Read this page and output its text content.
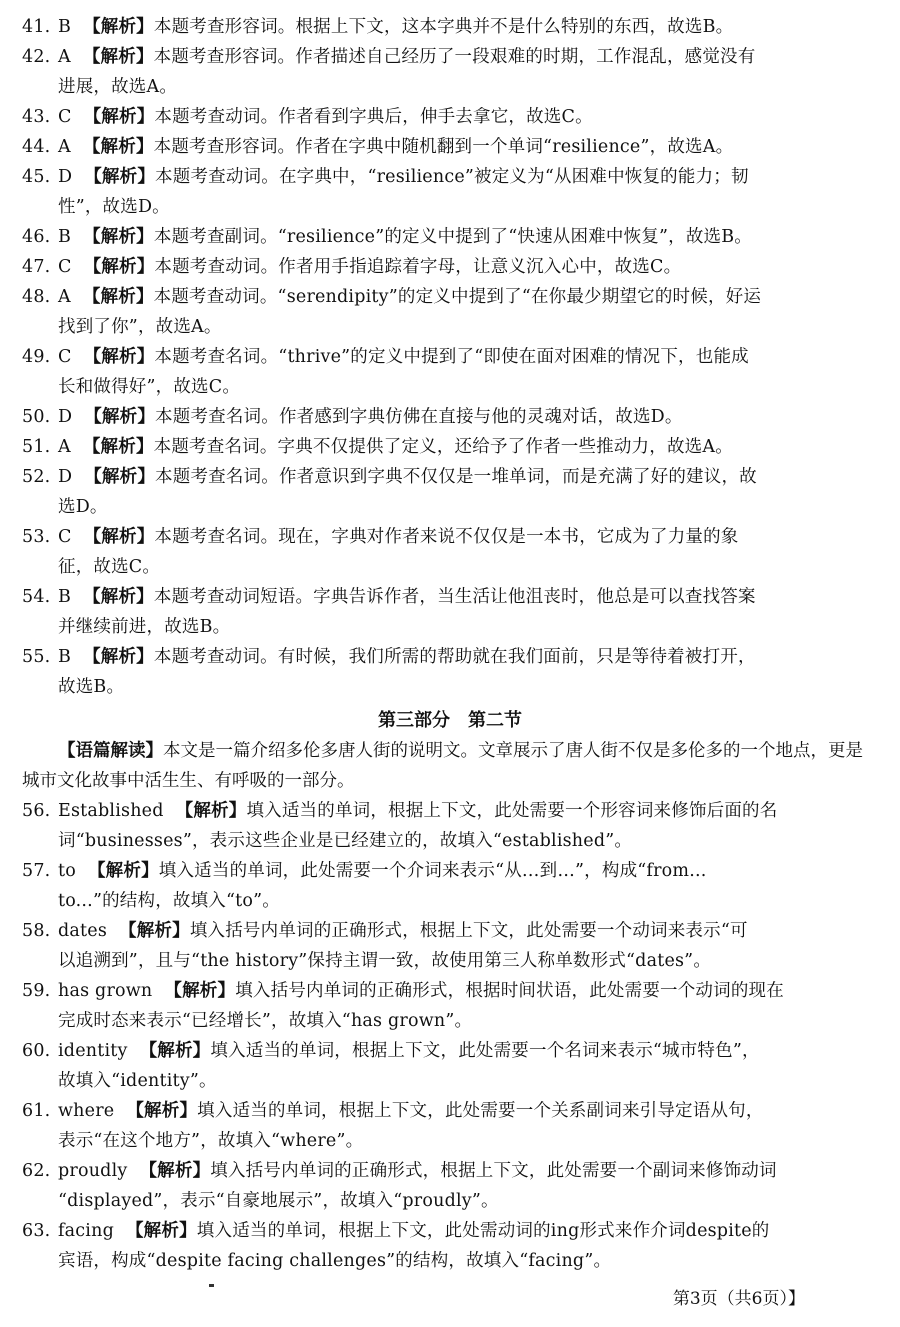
41. B 【解析】本题考查形容词。根据上下文，这本字典并不是什么特别的东西，故选B。
42. A 【解析】本题考查形容词。作者描述自己经历了一段艰难的时期，工作混乱，感觉没有
进展，故选A。
43. C 【解析】本题考查动词。作者看到字典后，伸手去拿它，故选C。
44. A 【解析】本题考查形容词。作者在字典中随机翻到一个单词“resilience”，故选A。
45. D 【解析】本题考查动词。在字典中，“resilience”被定义为“从困难中恢复的能力；韧
性”，故选D。
46. B 【解析】本题考查副词。“resilience”的定义中提到了“快速从困难中恢复”，故选B。
47. C 【解析】本题考查动词。作者用手指追踪着字母，让意义沉入心中，故选C。
48. A 【解析】本题考查动词。“serendipity”的定义中提到了“在你最少期望它的时候，好运
找到了你”，故选A。
49. C 【解析】本题考查名词。“thrive”的定义中提到了“即使在面对困难的情况下，也能成
长和做得好”，故选C。
50. D 【解析】本题考查名词。作者感到字典仿佛在直接与他的灵魂对话，故选D。
51. A 【解析】本题考查名词。字典不仅提供了定义，还给予了作者一些推动力，故选A。
52. D 【解析】本题考查名词。作者意识到字典不仅仅是一堆单词，而是充满了好的建议，故
选D。
53. C 【解析】本题考查名词。现在，字典对作者来说不仅仅是一本书，它成为了力量的象
征，故选C。
54. B 【解析】本题考查动词短语。字典告诉作者，当生活让他沮丧时，他总是可以查找答案
并继续前进，故选B。
55. B 【解析】本题考查动词。有时候，我们所需的帮助就在我们面前，只是等待着被打开，
故选B。
第三部分　第二节
【语篇解读】本文是一篇介绍多伦多唐人街的说明文。文章展示了唐人街不仅是多伦多的一个地点，更是城市文化故事中活生生、有呼吸的一部分。
56. Established 【解析】填入适当的单词，根据上下文，此处需要一个形容词来修饰后面的名
词“businesses”，表示这些企业是已经建立的，故填入“established”。
57. to 【解析】填入适当的单词，此处需要一个介词来表示“从…到…”，构成“from...
to...”的结构，故填入“to”。
58. dates 【解析】填入括号内单词的正确形式，根据上下文，此处需要一个动词来表示“可
以追溯到”，且与“the history”保持主谓一致，故使用第三人称单数形式“dates”。
59. has grown 【解析】填入括号内单词的正确形式，根据时间状语，此处需要一个动词的现在
完成时态来表示“已经增长”，故填入“has grown”。
60. identity 【解析】填入适当的单词，根据上下文，此处需要一个名词来表示“城市特色”，
故填入“identity”。
61. where 【解析】填入适当的单词，根据上下文，此处需要一个关系副词来引导定语从句，
表示“在这个地方”，故填入“where”。
62. proudly 【解析】填入括号内单词的正确形式，根据上下文，此处需要一个副词来修饰动词
“displayed”，表示“自豪地展示”，故填入“proudly”。
63. facing 【解析】填入适当的单词，根据上下文，此处需动词的ing形式来作介词despite的
宾语，构成“despite facing challenges”的结构，故填入“facing”。
第3页（共6页）】
